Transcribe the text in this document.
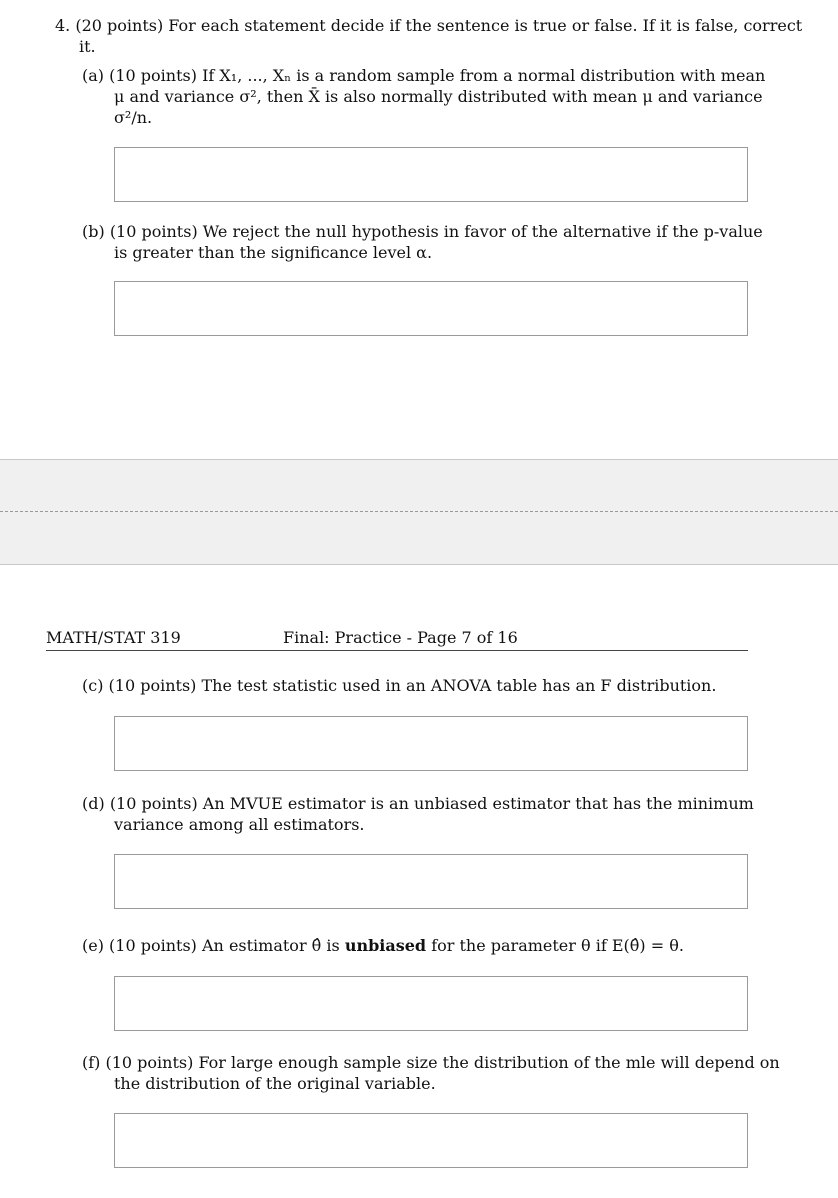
4. (20 points) For each statement decide if the sentence is true or false. If it is false, correct
it.
(a) (10 points) If X₁, ..., Xₙ is a random sample from a normal distribution with mean
μ and variance σ², then X̄ is also normally distributed with mean μ and variance
σ²/n.
(b) (10 points) We reject the null hypothesis in favor of the alternative if the p-value
is greater than the significance level α.
MATH/STAT 319	Final: Practice - Page 7 of 16
(c) (10 points) The test statistic used in an ANOVA table has an F distribution.
(d) (10 points) An MVUE estimator is an unbiased estimator that has the minimum
variance among all estimators.
(e) (10 points) An estimator θ̂ is unbiased for the parameter θ if E(θ̂) = θ.
(f) (10 points) For large enough sample size the distribution of the mle will depend on
the distribution of the original variable.
